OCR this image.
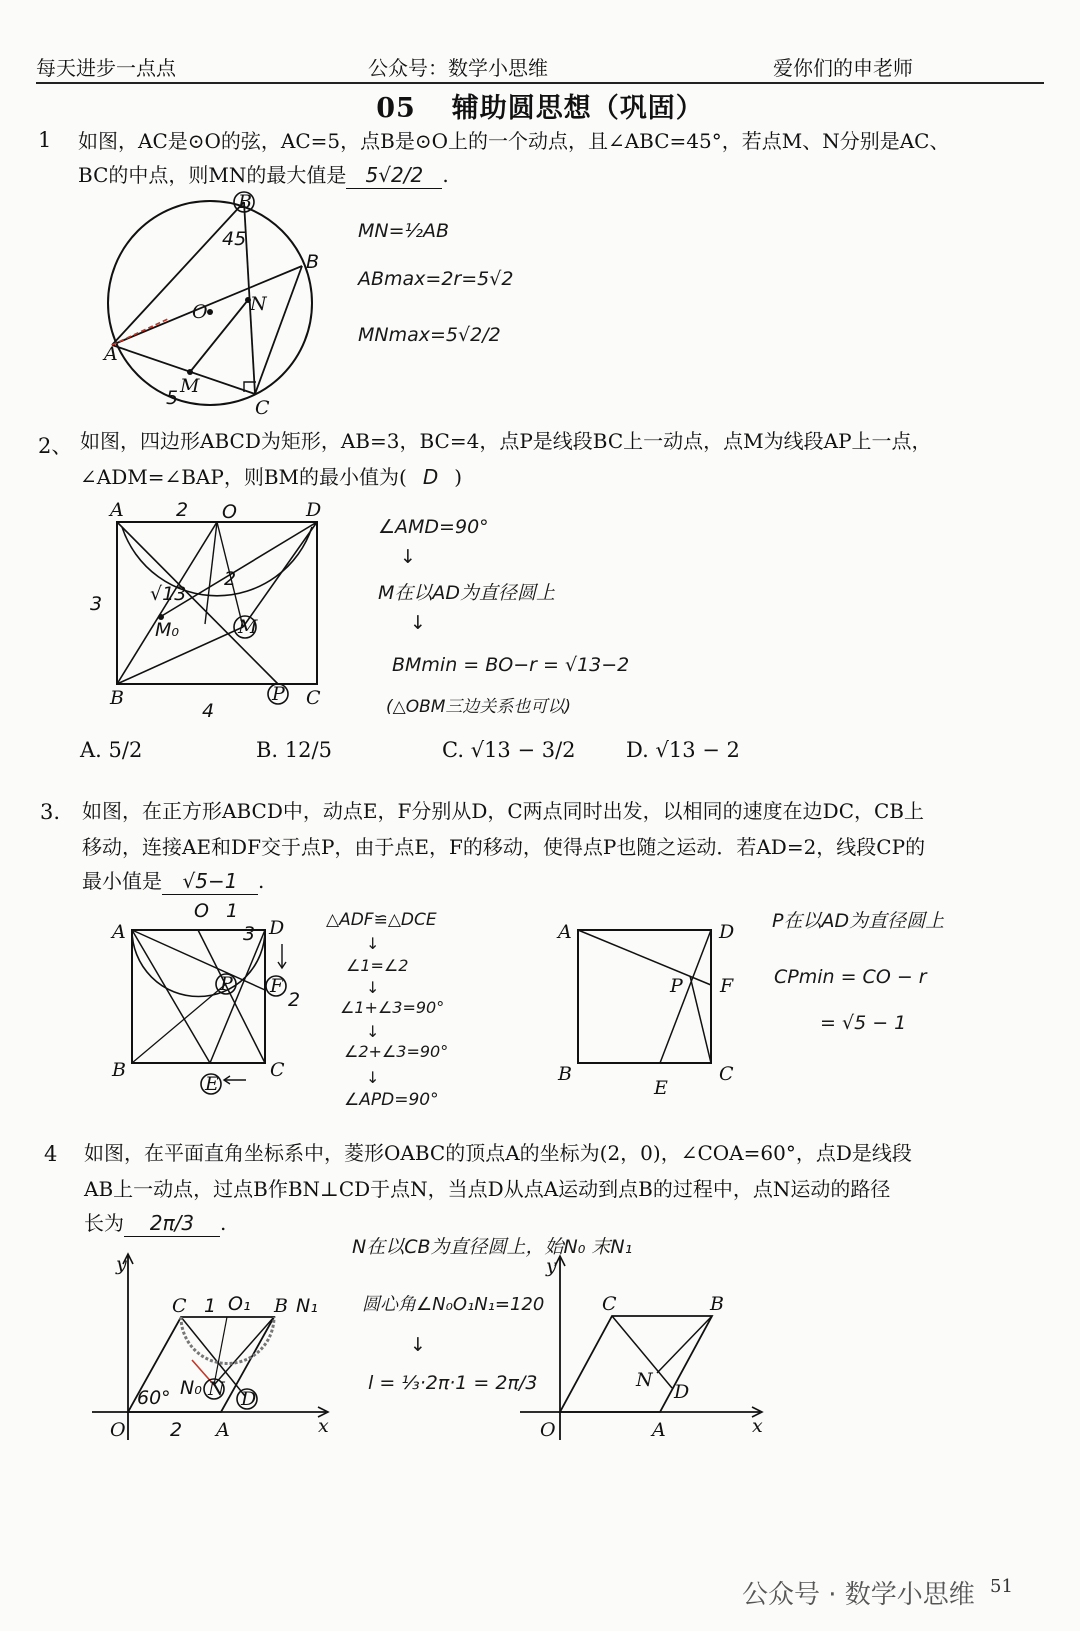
每天进步一点点	公众号：数学小思维	爱你们的申老师
05 辅助圆思想（巩固）
1 如图，AC是⊙O的弦，AC=5，点B是⊙O上的一个动点，且∠ABC=45°，若点M、N分别是AC、
BC的中点，则MN的最大值是 5√2/2 .
B
B
A
C
O
M
N
45
5
MN=½AB
ABmax=2r=5√2
MNmax=5√2/2
2、 如图，四边形ABCD为矩形，AB=3，BC=4，点P是线段BC上一动点，点M为线段AP上一点，
∠ADM=∠BAP，则BM的最小值为( D )
A
B	C
D
O
P
M
M₀
2
3
4
2
√13
∠AMD=90°
↓
M在以AD为直径圆上
↓
BMmin = BO−r = √13−2
(△OBM三边关系也可以)
A. 5/2	B. 12/5	C. √13 − 3/2 D. √13 − 2
3. 如图，在正方形ABCD中，动点E，F分别从D，C两点同时出发，以相同的速度在边DC，CB上
移动，连接AE和DF交于点P，由于点E，F的移动，使得点P也随之运动．若AD=2，线段CP的
最小值是 √5−1 .
A
B	C
D
E
F
P
O 1
2
3
△ADF≌△DCE
↓
∠1=∠2
↓
∠1+∠3=90°
↓
∠2+∠3=90°
↓
∠APD=90°
A
B	C
D
E
F
P
P在以AD为直径圆上
CPmin = CO − r
= √5 − 1
4 如图，在平面直角坐标系中，菱形OABC的顶点A的坐标为(2，0)，∠COA=60°，点D是线段
AB上一动点，过点B作BN⊥CD于点N，当点D从点A运动到点B的过程中，点N运动的路径
长为 2π/3 .
N在以CB为直径圆上，始N₀ 末N₁
圆心角∠N₀O₁N₁=120
↓
l = ⅓·2π·1 = 2π/3
y
x
O	A
B
C
D
N
N₀
N₁
O₁
60°
2
1
y
x
O	A
B
C
D
N
公众号 · 数学小思维 51
